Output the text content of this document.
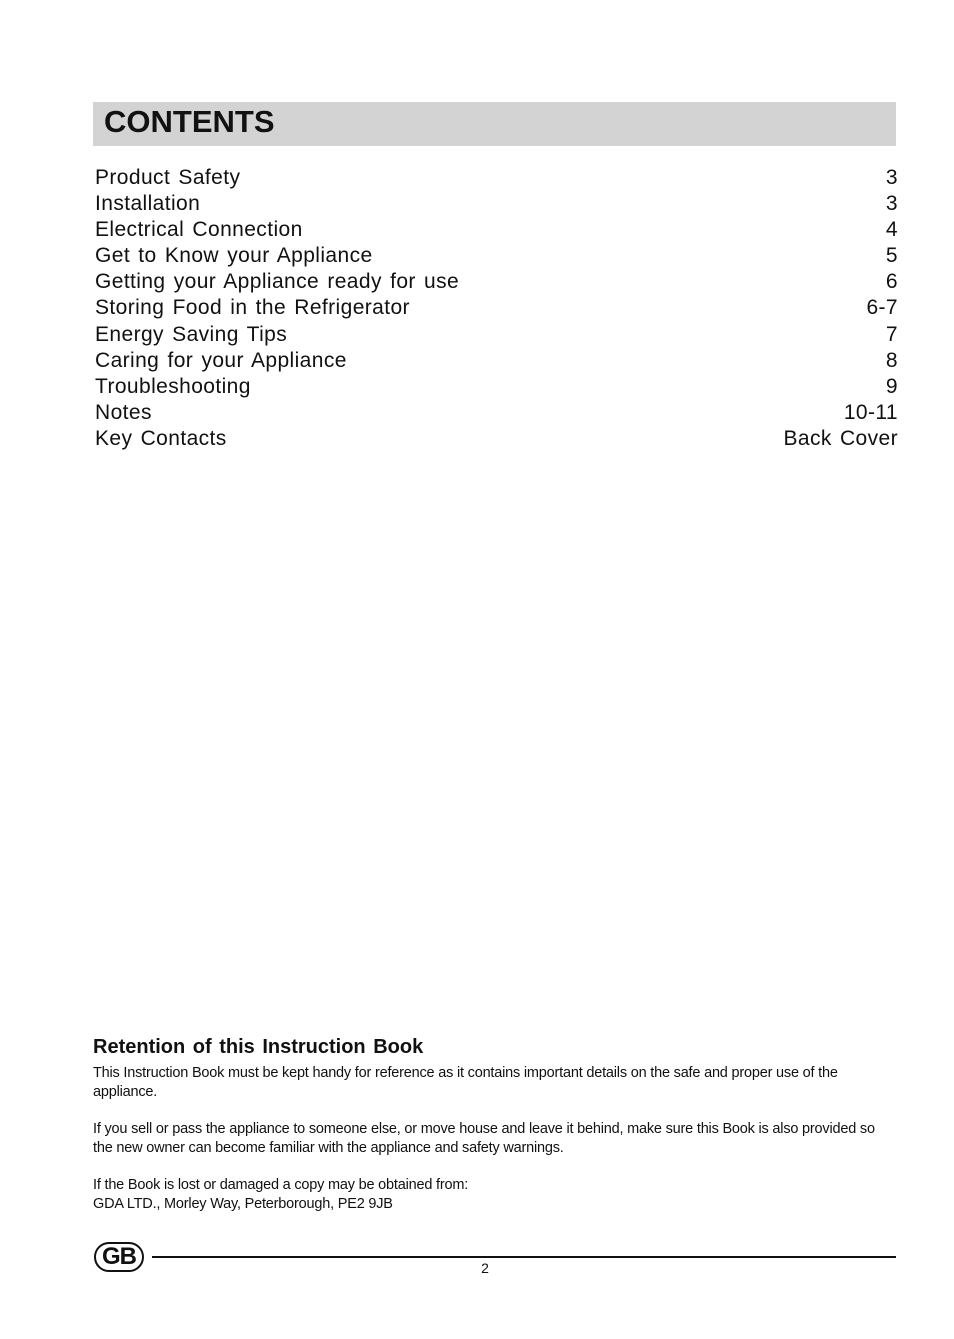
CONTENTS
Product Safety	3
Installation	3
Electrical Connection	4
Get to Know your Appliance	5
Getting your Appliance ready for use	6
Storing Food in the Refrigerator	6-7
Energy Saving Tips	7
Caring for your Appliance	8
Troubleshooting	9
Notes	10-11
Key Contacts	Back Cover
Retention of this Instruction Book

This Instruction Book must be kept handy for reference as it contains important details on the safe and proper use of the appliance.

If you sell or pass the appliance to someone else, or move house and leave it behind, make sure this Book is also provided so the new owner can become familiar with the appliance and safety warnings.

If the Book is lost or damaged a copy may be obtained from:
GDA LTD., Morley Way, Peterborough, PE2 9JB

GB	2
